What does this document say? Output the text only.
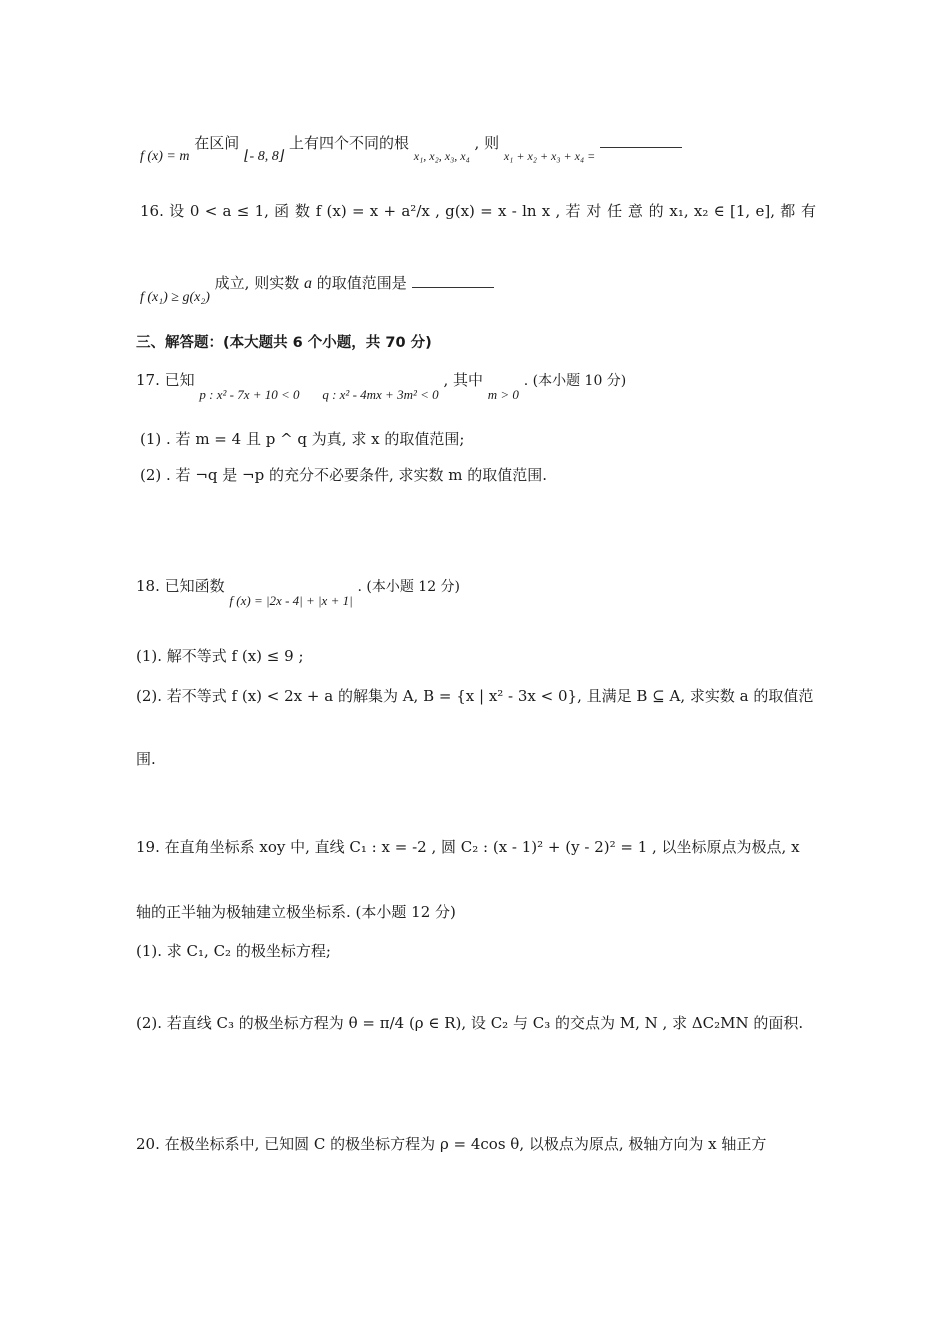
f (x) = m 在区间 ⌊- 8, 8⌋ 上有四个不同的根 $_{x_1, x_2, x_3, x_4}$ , 则 $_{x_1 + x_2 + x_3 + x_4 =}$
16. 设 0 < a ≤ 1, 函 数 f (x) = x + a²/x , g(x) = x - ln x , 若 对 任 意 的 x₁, x₂ ∈ [1, e], 都 有
f (x₁) ≥ g(x₂) 成立, 则实数 a 的取值范围是
三、解答题：(本大题共 6 个小题，共 70 分)
17. 已知 p : x² - 7x + 10 < 0 q : x² - 4mx + 3m² < 0 , 其中 m > 0 . (本小题 10 分)
(1) . 若 m = 4 且 p ^ q 为真, 求 x 的取值范围;
(2) . 若 ¬q 是 ¬p 的充分不必要条件, 求实数 m 的取值范围.
18. 已知函数 f (x) = |2x - 4| + |x + 1| . (本小题 12 分)
(1). 解不等式 f (x) ≤ 9 ;
(2). 若不等式 f (x) < 2x + a 的解集为 A, B = {x | x² - 3x < 0}, 且满足 B ⊆ A, 求实数 a 的取值范
围.
19. 在直角坐标系 xoy 中, 直线 C₁ : x = -2 , 圆 C₂ : (x - 1)² + (y - 2)² = 1 , 以坐标原点为极点, x
轴的正半轴为极轴建立极坐标系. (本小题 12 分)
(1). 求 C₁, C₂ 的极坐标方程;
(2). 若直线 C₃ 的极坐标方程为 θ = π/4 (ρ ∈ R), 设 C₂ 与 C₃ 的交点为 M, N , 求 ΔC₂MN 的面积.
20. 在极坐标系中, 已知圆 C 的极坐标方程为 ρ = 4cos θ, 以极点为原点, 极轴方向为 x 轴正方
